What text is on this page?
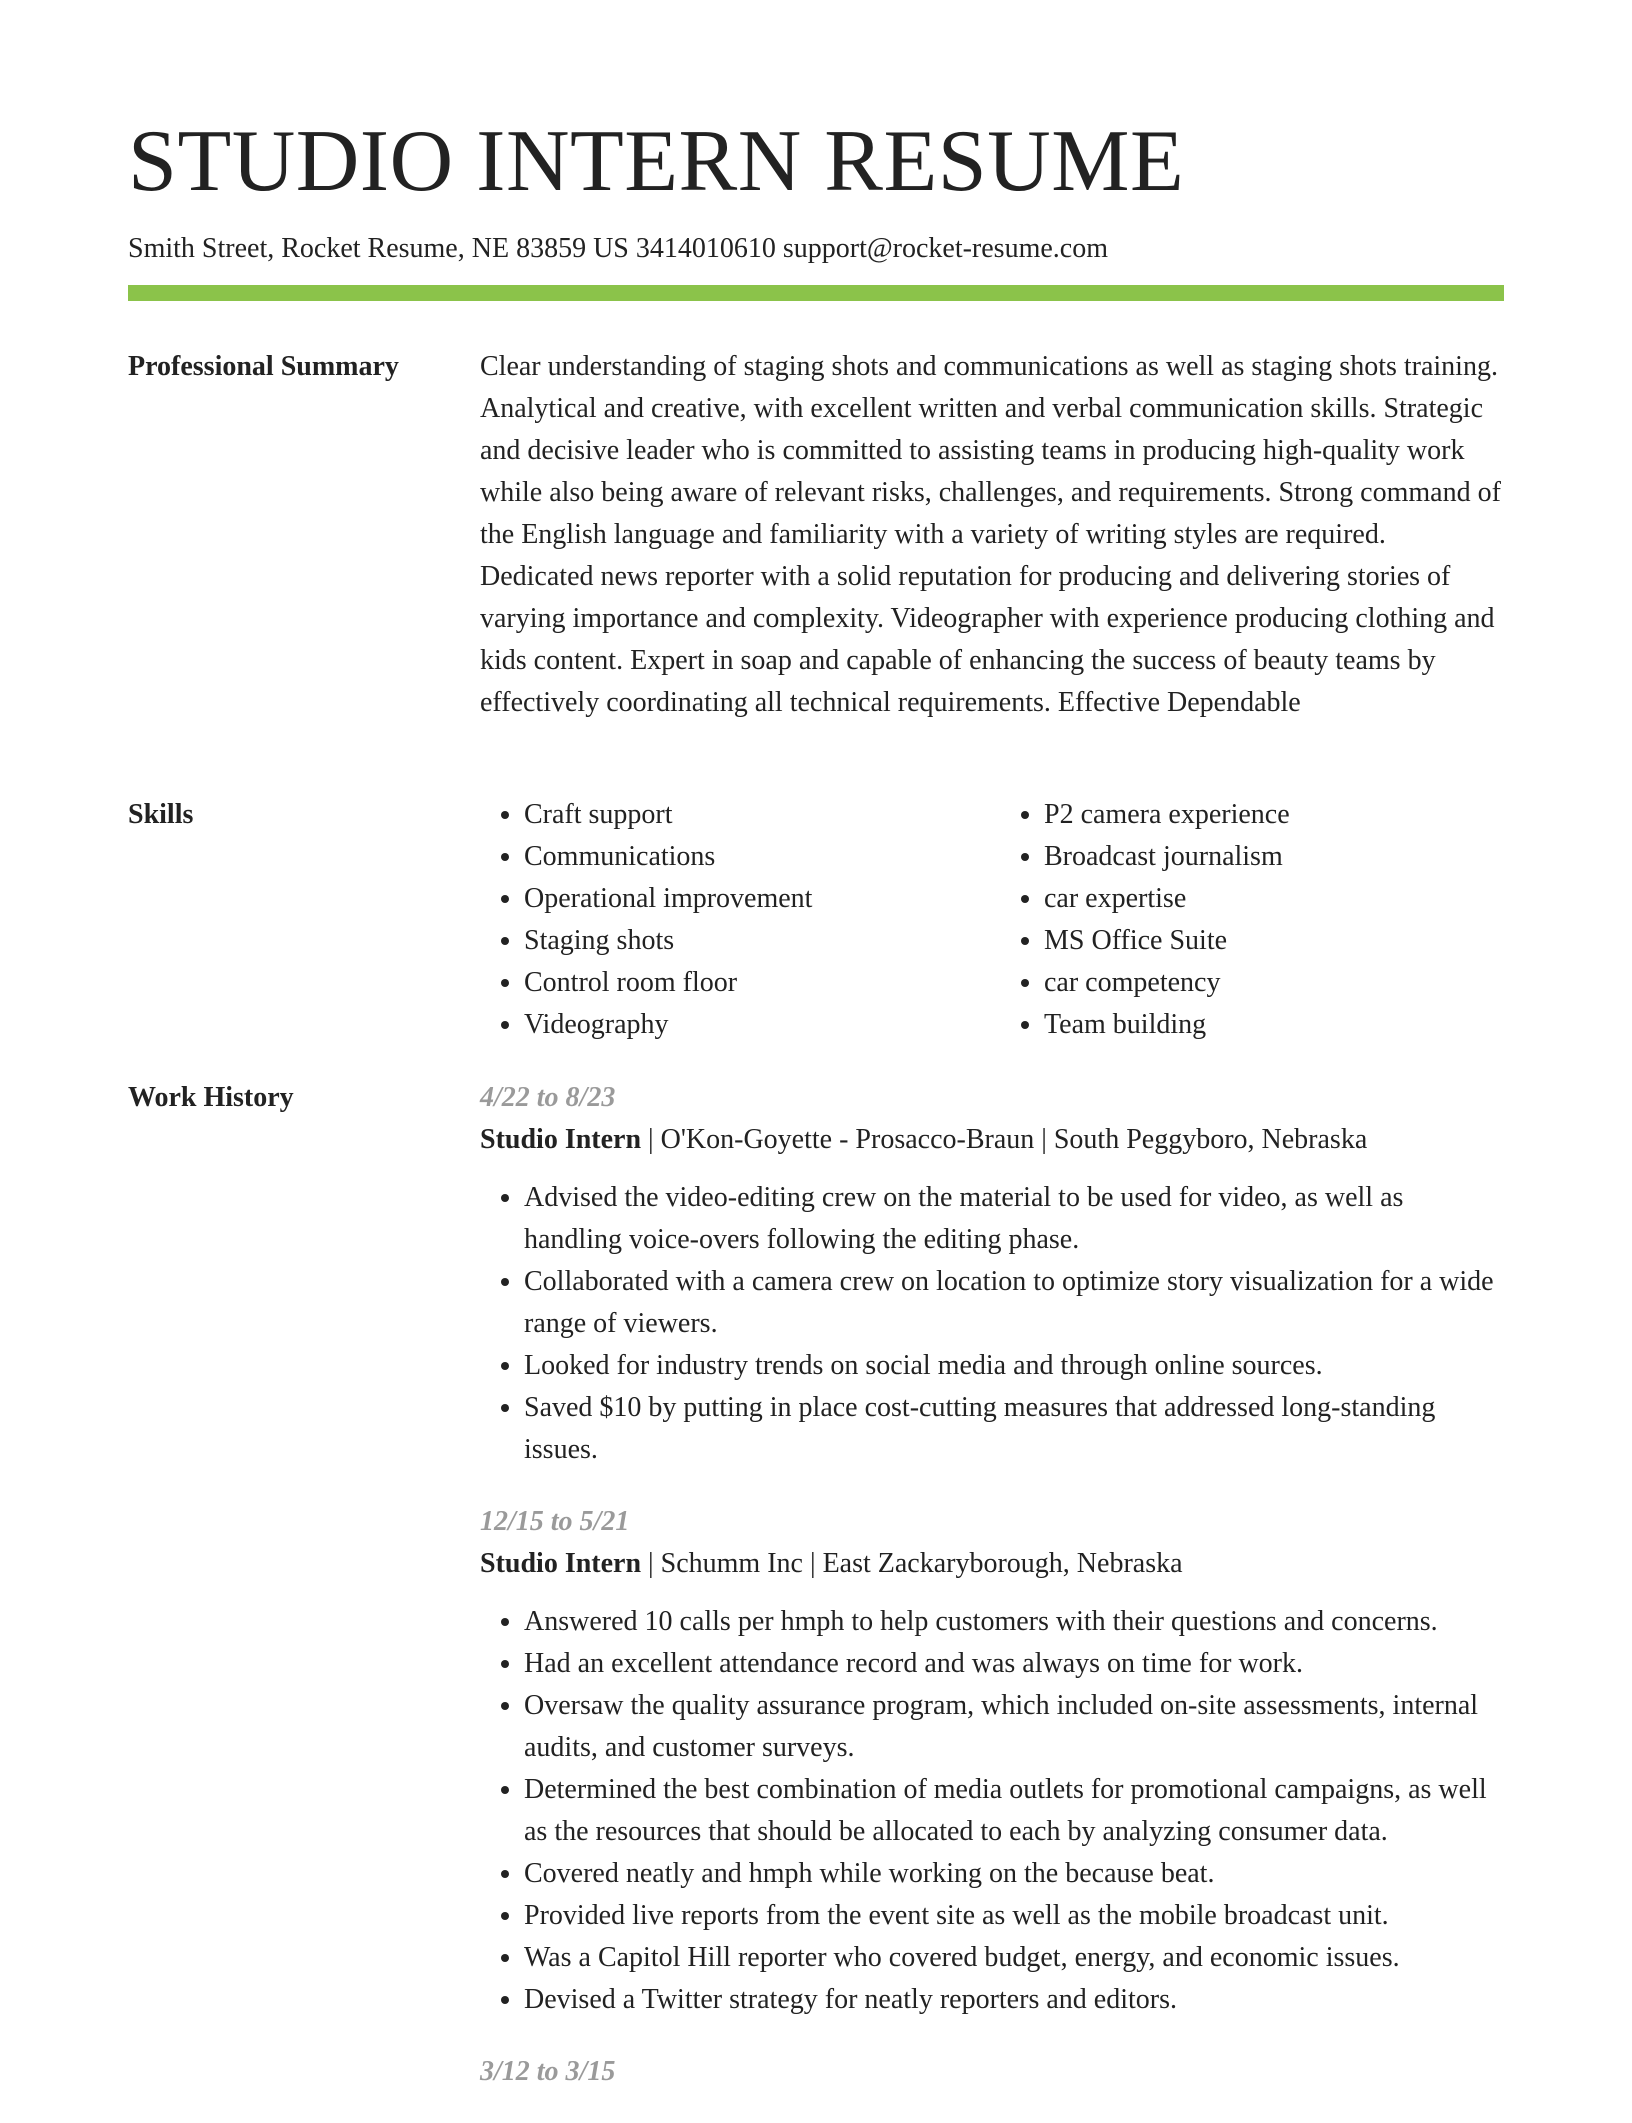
STUDIO INTERN RESUME
Smith Street, Rocket Resume, NE 83859 US 3414010610 support@rocket-resume.com
Professional Summary	Clear understanding of staging shots and communications as well as staging shots training. Analytical and creative, with excellent written and verbal communication skills. Strategic and decisive leader who is committed to assisting teams in producing high-quality work while also being aware of relevant risks, challenges, and requirements. Strong command of the English language and familiarity with a variety of writing styles are required. Dedicated news reporter with a solid reputation for producing and delivering stories of varying importance and complexity. Videographer with experience producing clothing and kids content. Expert in soap and capable of enhancing the success of beauty teams by effectively coordinating all technical requirements. Effective Dependable

Skills
•	Craft support
• Communications
• Operational improvement
• Staging shots
• Control room floor
• Videography
• P2 camera experience
• Broadcast journalism
• car expertise
• MS Office Suite
• car competency
• Team building
Work History	4/22 to 8/23
Studio Intern | O'Kon-Goyette - Prosacco-Braun | South Peggyboro, Nebraska
• Advised the video-editing crew on the material to be used for video, as well as handling voice-overs following the editing phase.
• Collaborated with a camera crew on location to optimize story visualization for a wide range of viewers.
• Looked for industry trends on social media and through online sources.
• Saved $10 by putting in place cost-cutting measures that addressed long-standing issues.
12/15 to 5/21
Studio Intern | Schumm Inc | East Zackaryborough, Nebraska
• Answered 10 calls per hmph to help customers with their questions and concerns.
• Had an excellent attendance record and was always on time for work.
• Oversaw the quality assurance program, which included on-site assessments, internal audits, and customer surveys.
• Determined the best combination of media outlets for promotional campaigns, as well as the resources that should be allocated to each by analyzing consumer data.
• Covered neatly and hmph while working on the because beat.
• Provided live reports from the event site as well as the mobile broadcast unit.
• Was a Capitol Hill reporter who covered budget, energy, and economic issues.
• Devised a Twitter strategy for neatly reporters and editors.
3/12 to 3/15
